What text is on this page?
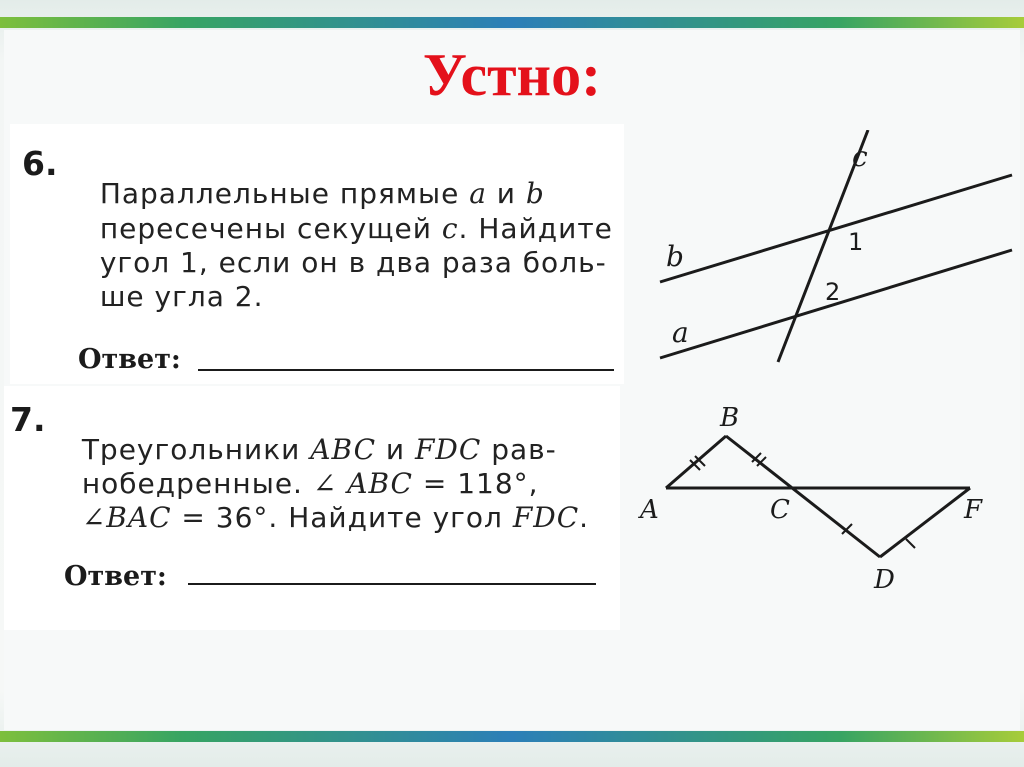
Устно:
6.

Параллельные прямые a и b

пересечены секущей c. Найдите

угол 1, если он в два раза боль-

ше угла 2.

Ответ:
c
b
a
1
2
7.

Треугольники ABC и FDC рав-

нобедренные. ∠ ABC = 118°,

∠BAC = 36°. Найдите угол FDC.

Ответ:
A
B
C
D
F
